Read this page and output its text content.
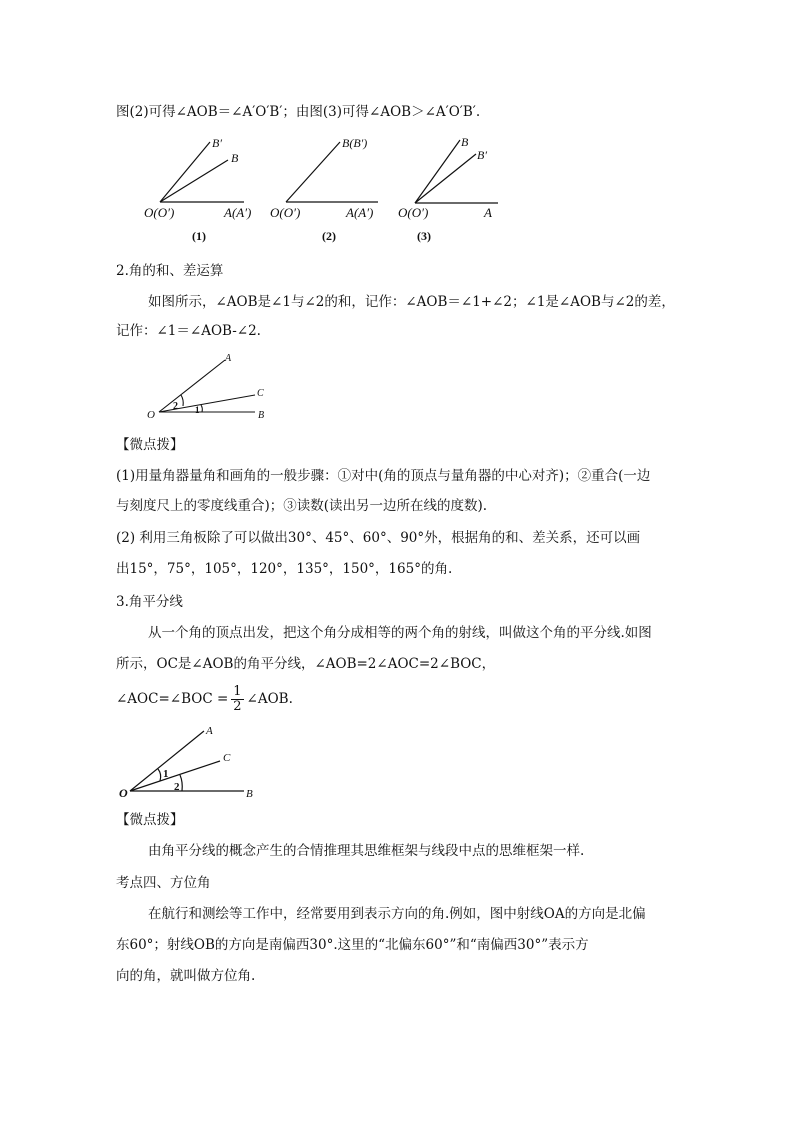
图(2)可得∠AOB＝∠A′O′B′；由图(3)可得∠AOB＞∠A′O′B′.
B′
B
O(O′)	A(A′)
(1)
B(B′)
O(O′)	A(A′)
(2)
B
B′
O(O′)	A
(3)
2.角的和、差运算
如图所示，∠AOB是∠1与∠2的和，记作：∠AOB＝∠1+∠2；∠1是∠AOB与∠2的差，
记作：∠1＝∠AOB-∠2.
A
C
O	B
2 1
【微点拨】
(1)用量角器量角和画角的一般步骤：①对中(角的顶点与量角器的中心对齐)；②重合(一边
与刻度尺上的零度线重合)；③读数(读出另一边所在线的度数).
(2) 利用三角板除了可以做出30°、45°、60°、90°外，根据角的和、差关系，还可以画
出15°，75°，105°，120°，135°，150°，165°的角.
3.角平分线
从一个角的顶点出发，把这个角分成相等的两个角的射线，叫做这个角的平分线.如图
所示，OC是∠AOB的角平分线，∠AOB=2∠AOC=2∠BOC，
∠AOC=∠BOC = $\frac{1}{2}$ ∠AOB.
A
C
O	B
1
2
【微点拨】
由角平分线的概念产生的合情推理其思维框架与线段中点的思维框架一样.
考点四、方位角
在航行和测绘等工作中，经常要用到表示方向的角.例如，图中射线OA的方向是北偏
东60°；射线OB的方向是南偏西30°.这里的“北偏东60°”和“南偏西30°”表示方
向的角，就叫做方位角.
